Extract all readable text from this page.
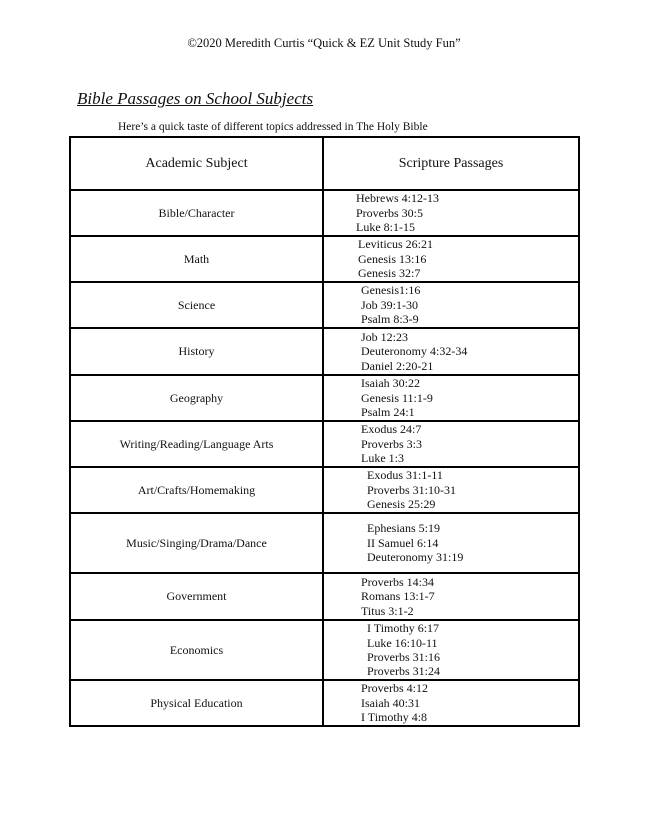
©2020 Meredith Curtis “Quick & EZ Unit Study Fun”
Bible Passages on School Subjects
Here’s a quick taste of different topics addressed in The Holy Bible
Academic Subject	Scripture Passages
Bible/Character	Hebrews 4:12-13
Proverbs 30:5
Luke 8:1-15

Math	Leviticus 26:21
Genesis 13:16
Genesis 32:7

Science	Genesis1:16
Job 39:1-30
Psalm 8:3-9

History	Job 12:23
Deuteronomy 4:32-34
Daniel 2:20-21

Geography	Isaiah 30:22
Genesis 11:1-9
Psalm 24:1

Writing/Reading/Language Arts	Exodus 24:7
Proverbs 3:3
Luke 1:3

Art/Crafts/Homemaking	Exodus 31:1-11
Proverbs 31:10-31
Genesis 25:29

Music/Singing/Drama/Dance	Ephesians 5:19
II Samuel 6:14
Deuteronomy 31:19

Government	Proverbs 14:34
Romans 13:1-7
Titus 3:1-2

Economics	I Timothy 6:17
Luke 16:10-11
Proverbs 31:16
Proverbs 31:24

Physical Education	Proverbs 4:12
Isaiah 40:31
I Timothy 4:8
